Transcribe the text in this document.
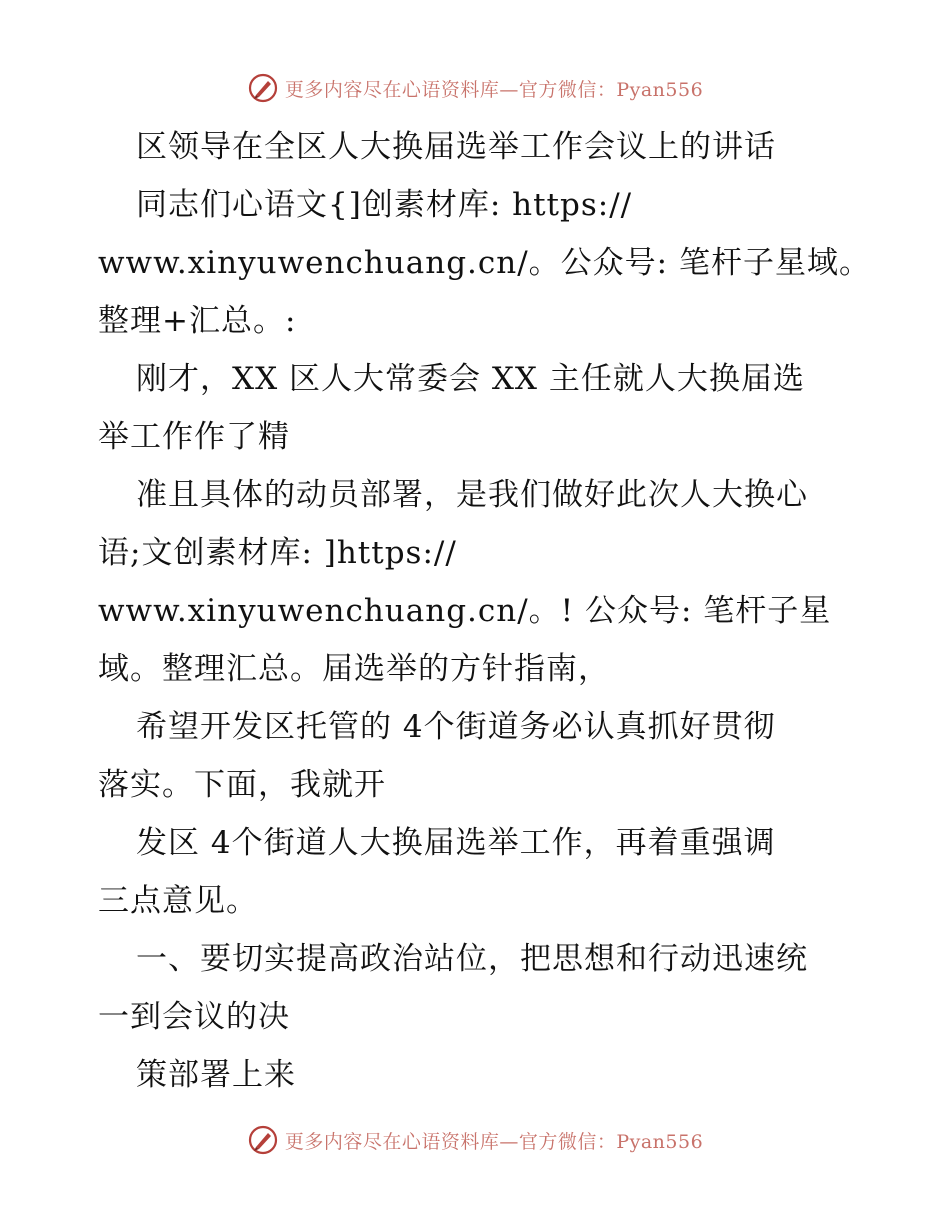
更多内容尽在心语资料库—官方微信：Pyan556
区领导在全区人大换届选举工作会议上的讲话
同志们心语文{]创素材库: https://
www.xinyuwenchuang.cn/。公众号: 笔杆子星域。
整理+汇总。:
刚才，XX 区人大常委会 XX 主任就人大换届选
举工作作了精
准且具体的动员部署，是我们做好此次人大换心
语;文创素材库: ]https://
www.xinyuwenchuang.cn/。! 公众号: 笔杆子星
域。整理汇总。届选举的方针指南，
希望开发区托管的 4个街道务必认真抓好贯彻
落实。下面，我就开
发区 4个街道人大换届选举工作，再着重强调
三点意见。
一、要切实提高政治站位，把思想和行动迅速统
一到会议的决
策部署上来
更多内容尽在心语资料库—官方微信：Pyan556
